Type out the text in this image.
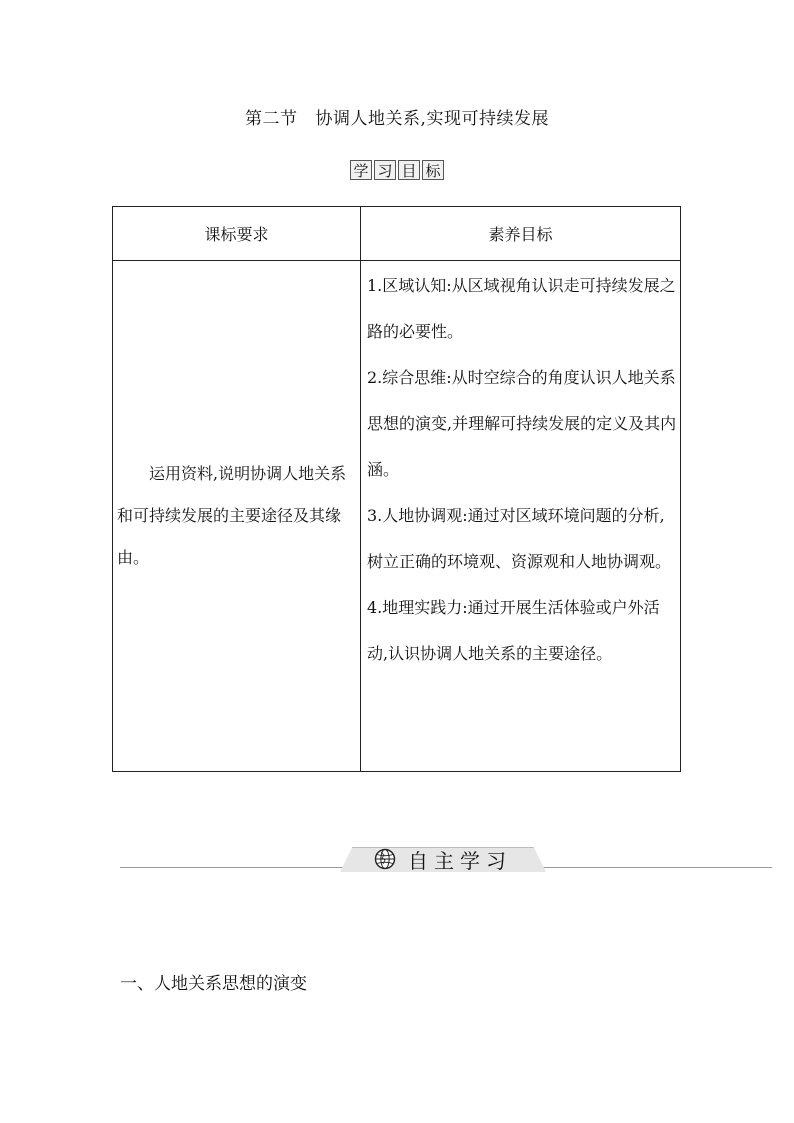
第二节 协调人地关系,实现可持续发展
学 习 目 标
课标要求	素养目标
运用资料,说明协调人地关系和可持续发展的主要途径及其缘由。	1.区域认知:从区域视角认识走可持续发展之路的必要性。

2.综合思维:从时空综合的角度认识人地关系思想的演变,并理解可持续发展的定义及其内涵。

3.人地协调观:通过对区域环境问题的分析,树立正确的环境观、资源观和人地协调观。

4.地理实践力:通过开展生活体验或户外活动,认识协调人地关系的主要途径。

自主学习
一、人地关系思想的演变
